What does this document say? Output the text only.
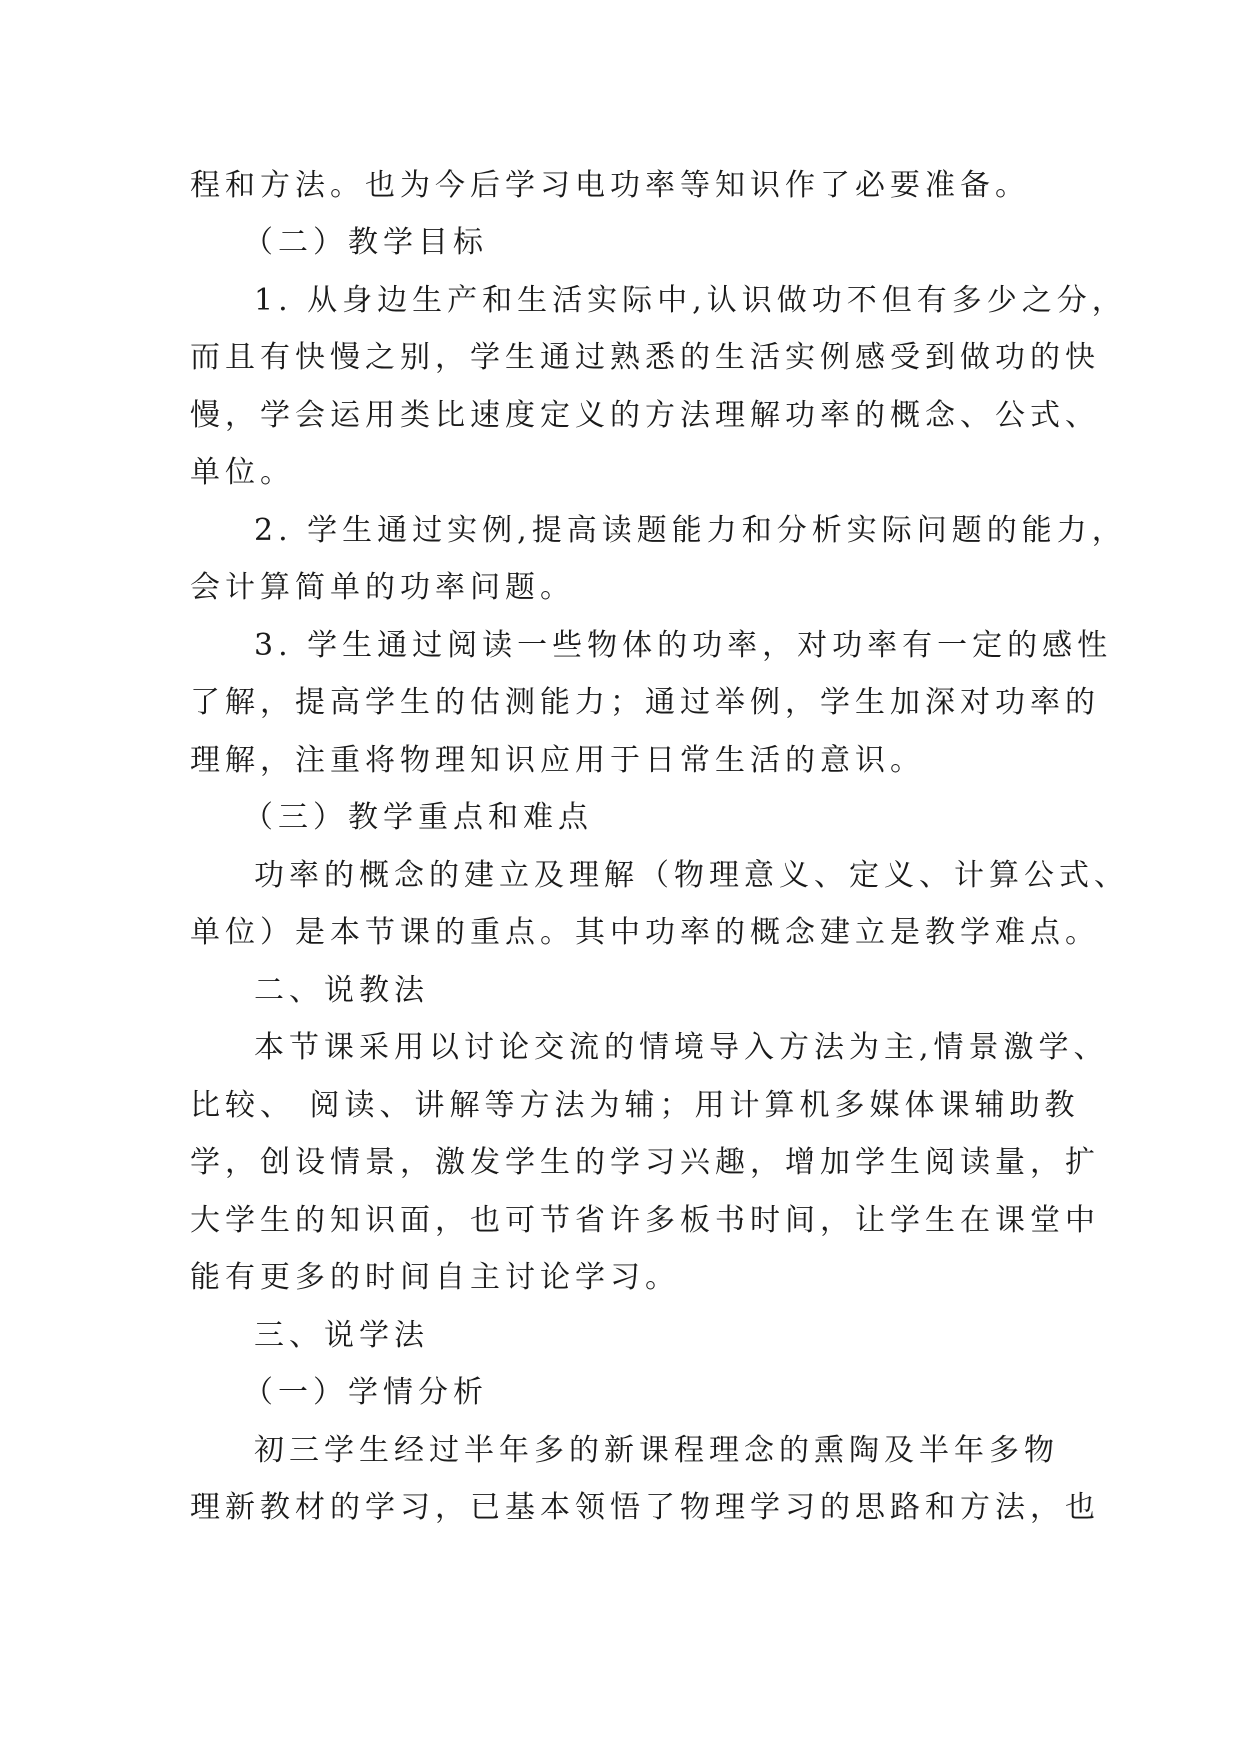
程和方法。也为今后学习电功率等知识作了必要准备。
（二）教学目标
1. 从身边生产和生活实际中,认识做功不但有多少之分，
而且有快慢之别，学生通过熟悉的生活实例感受到做功的快
慢，学会运用类比速度定义的方法理解功率的概念、公式、
单位。
2. 学生通过实例,提高读题能力和分析实际问题的能力，
会计算简单的功率问题。
3. 学生通过阅读一些物体的功率，对功率有一定的感性
了解，提高学生的估测能力；通过举例，学生加深对功率的
理解，注重将物理知识应用于日常生活的意识。
（三）教学重点和难点
功率的概念的建立及理解（物理意义、定义、计算公式、
单位）是本节课的重点。其中功率的概念建立是教学难点。
二、说教法
本节课采用以讨论交流的情境导入方法为主,情景激学、
比较、 阅读、讲解等方法为辅；用计算机多媒体课辅助教
学，创设情景，激发学生的学习兴趣，增加学生阅读量，扩
大学生的知识面，也可节省许多板书时间，让学生在课堂中
能有更多的时间自主讨论学习。
三、说学法
（一）学情分析
初三学生经过半年多的新课程理念的熏陶及半年多物
理新教材的学习，已基本领悟了物理学习的思路和方法，也
